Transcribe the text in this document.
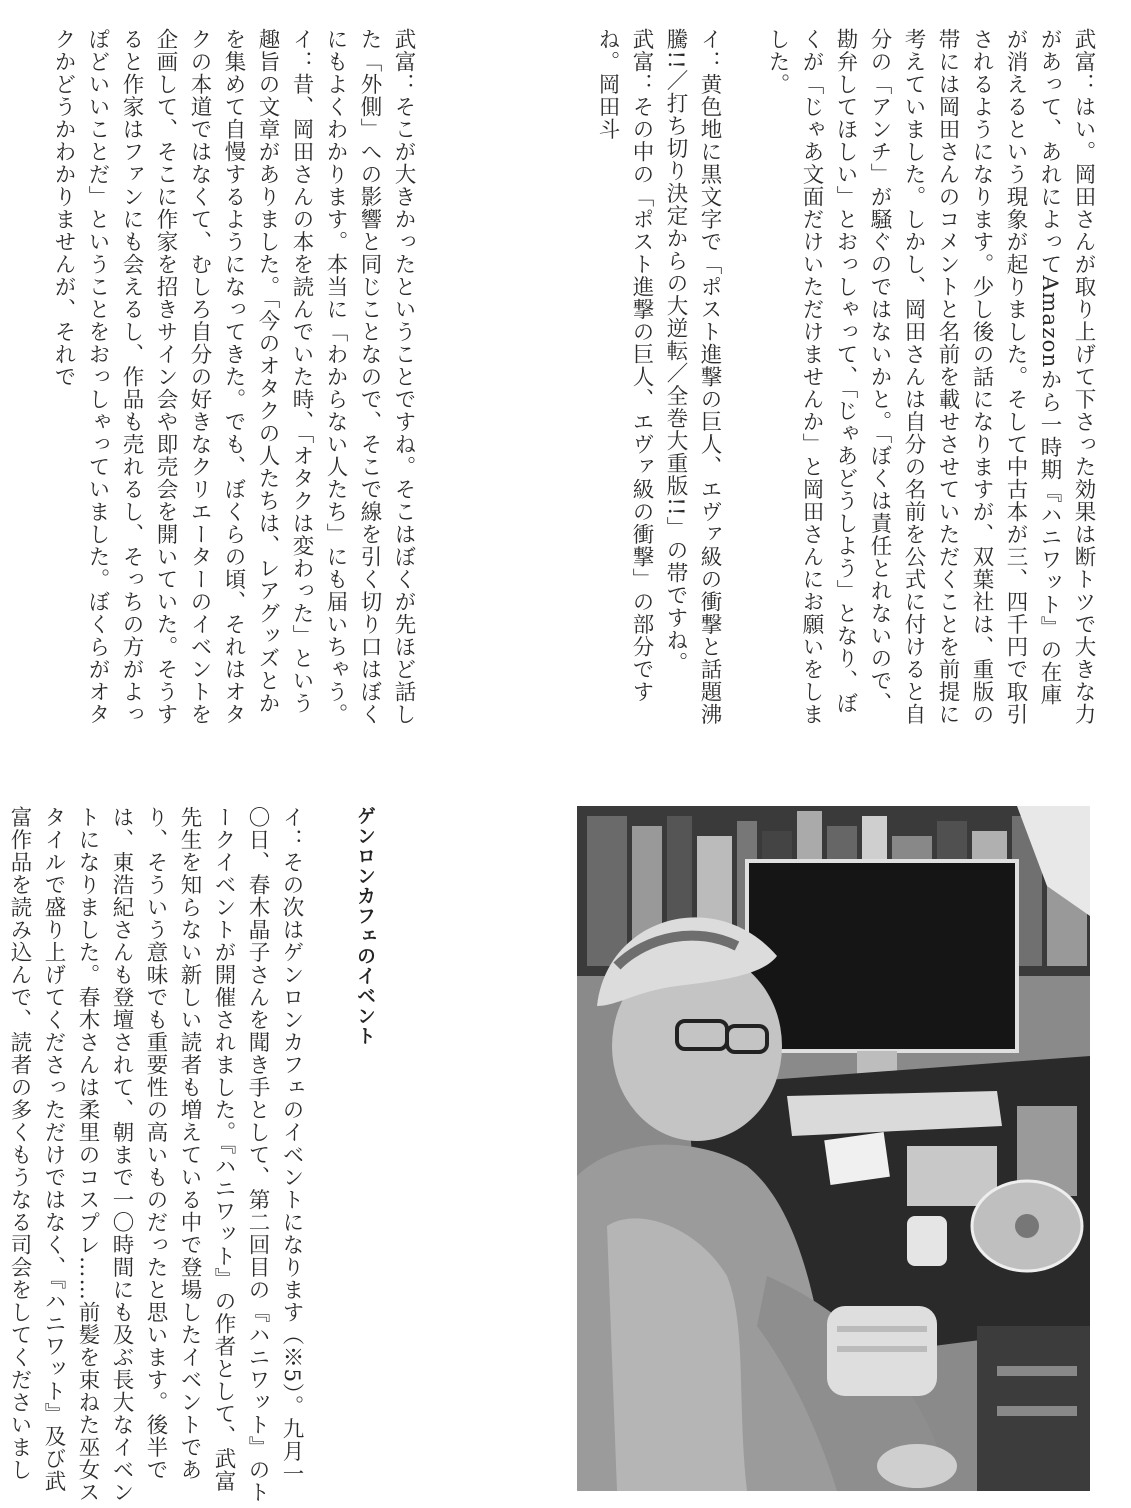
武富：はい。岡田さんが取り上げて下さった効果は断トツで大きな力があって、あれによってAmazonから一時期『ハニワット』の在庫が消えるという現象が起りました。そして中古本が三、四千円で取引されるようになります。少し後の話になりますが、双葉社は、重版の帯には岡田さんのコメントと名前を載せさせていただくことを前提に考えていました。しかし、岡田さんは自分の名前を公式に付けると自分の「アンチ」が騒ぐのではないかと。「ぼくは責任とれないので、勘弁してほしい」とおっしゃって、「じゃあどうしよう」となり、ぼくが「じゃあ文面だけいただけませんか」と岡田さんにお願いをしました。

イ：黄色地に黒文字で「ポスト進撃の巨人、エヴァ級の衝撃と話題沸騰!!／打ち切り決定からの大逆転／全巻大重版!!」の帯ですね。

武富：その中の「ポスト進撃の巨人、エヴァ級の衝撃」の部分ですね。岡田斗

武富：そこが大きかったということですね。そこはぼくが先ほど話した「外側」への影響と同じことなので、そこで線を引く切り口はぼくにもよくわかります。本当に「わからない人たち」にも届いちゃう。

イ：昔、岡田さんの本を読んでいた時、「オタクは変わった」という趣旨の文章がありました。「今のオタクの人たちは、レアグッズとかを集めて自慢するようになってきた。でも、ぼくらの頃、それはオタクの本道ではなくて、むしろ自分の好きなクリエーターのイベントを企画して、そこに作家を招きサイン会や即売会を開いていた。そうすると作家はファンにも会えるし、作品も売れるし、そっちの方がよっぽどいいことだ」ということをおっしゃっていました。ぼくらがオタクかどうかわかりませんが、それで

ゲンロンカフェのイベント

イ：その次はゲンロンカフェのイベントになります（※5）。九月一〇日、春木晶子さんを聞き手として、第二回目の『ハニワット』のトークイベントが開催されました。『ハニワット』の作者として、武富先生を知らない新しい読者も増えている中で登場したイベントであり、そういう意味でも重要性の高いものだったと思います。後半では、東浩紀さんも登壇されて、朝まで一〇時間にも及ぶ長大なイベントになりました。春木さんは柔里のコスプレ……前髪を束ねた巫女スタイルで盛り上げてくださっただけではなく、『ハニワット』及び武富作品を読み込んで、読者の多くもうなる司会をしてくださいまし
